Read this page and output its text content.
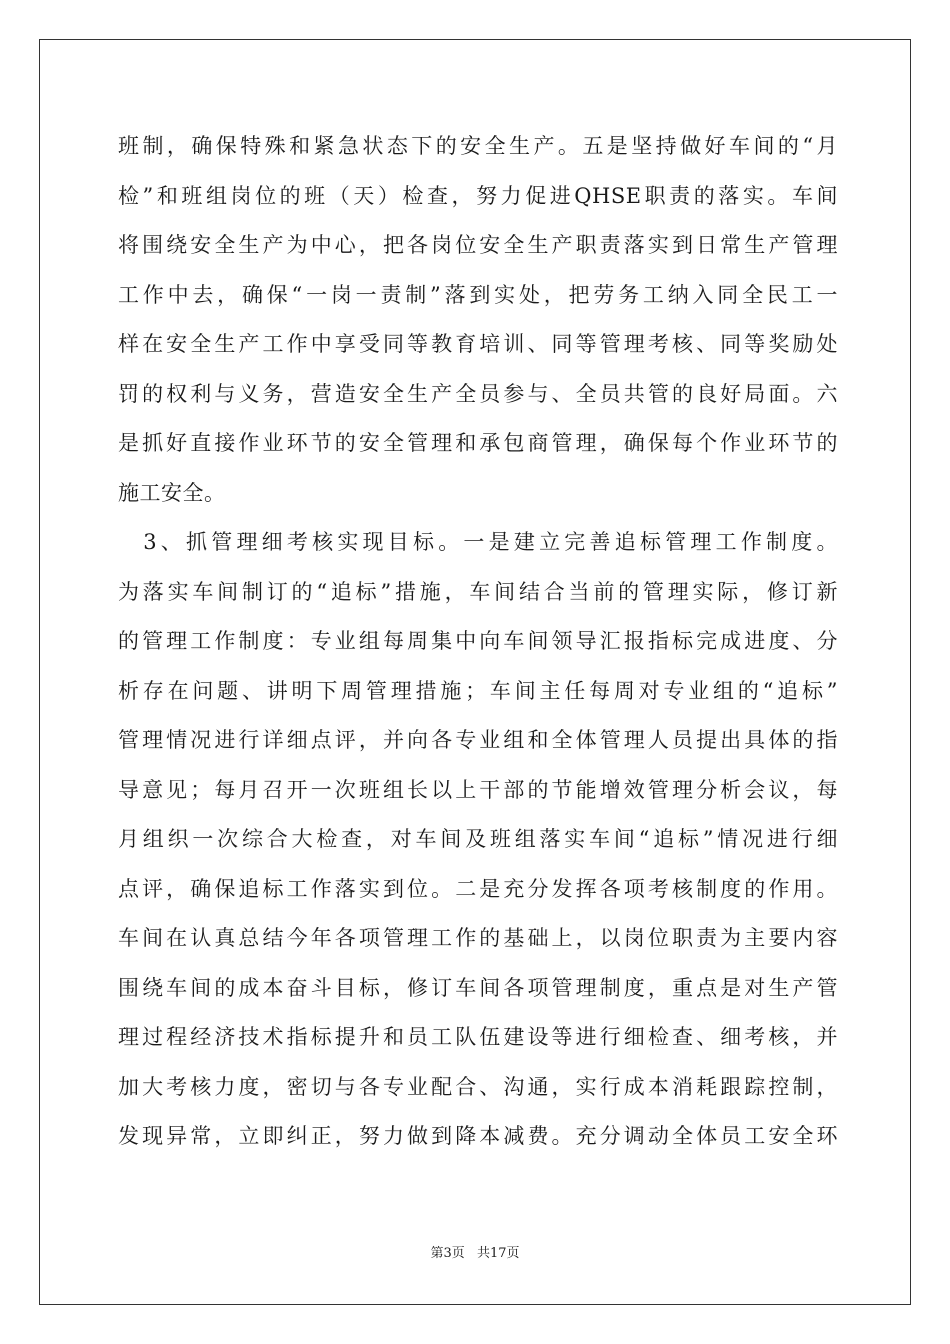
班制，确保特殊和紧急状态下的安全生产。五是坚持做好车间的“月
检”和班组岗位的班（天）检查，努力促进QHSE职责的落实。车间
将围绕安全生产为中心，把各岗位安全生产职责落实到日常生产管理
工作中去，确保“一岗一责制”落到实处，把劳务工纳入同全民工一
样在安全生产工作中享受同等教育培训、同等管理考核、同等奖励处
罚的权利与义务，营造安全生产全员参与、全员共管的良好局面。六
是抓好直接作业环节的安全管理和承包商管理，确保每个作业环节的
施工安全。
　3、抓管理细考核实现目标。一是建立完善追标管理工作制度。
为落实车间制订的“追标”措施，车间结合当前的管理实际，修订新
的管理工作制度：专业组每周集中向车间领导汇报指标完成进度、分
析存在问题、讲明下周管理措施；车间主任每周对专业组的“追标”
管理情况进行详细点评，并向各专业组和全体管理人员提出具体的指
导意见；每月召开一次班组长以上干部的节能增效管理分析会议，每
月组织一次综合大检查，对车间及班组落实车间“追标”情况进行细
点评，确保追标工作落实到位。二是充分发挥各项考核制度的作用。
车间在认真总结今年各项管理工作的基础上，以岗位职责为主要内容
围绕车间的成本奋斗目标，修订车间各项管理制度，重点是对生产管
理过程经济技术指标提升和员工队伍建设等进行细检查、细考核，并
加大考核力度，密切与各专业配合、沟通，实行成本消耗跟踪控制，
发现异常，立即纠正，努力做到降本减费。充分调动全体员工安全环
第3页 共17页
